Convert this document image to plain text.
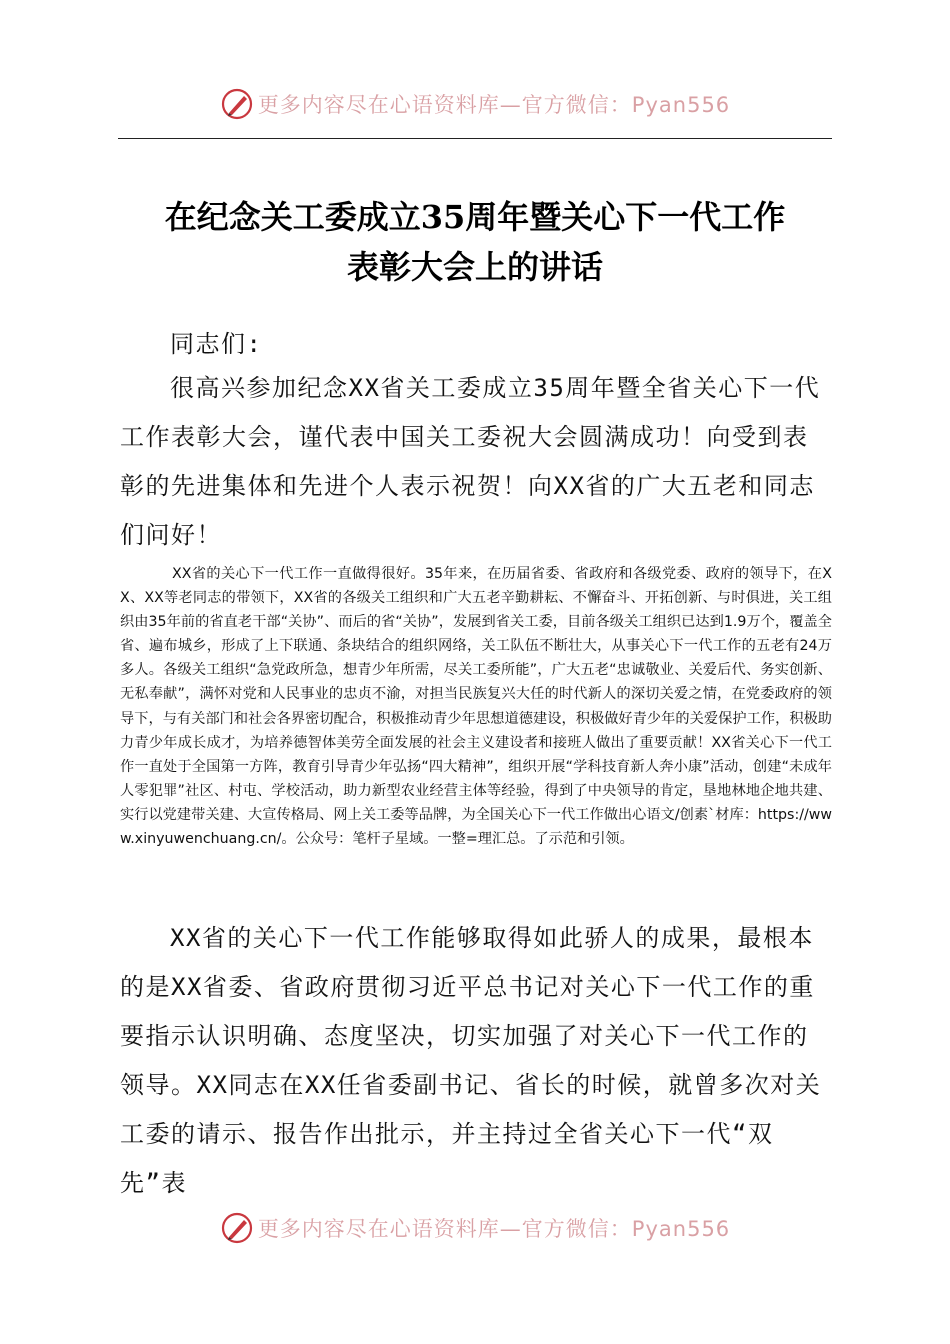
更多内容尽在心语资料库—官方微信：Pyan556
在纪念关工委成立35周年暨关心下一代工作
表彰大会上的讲话
同志们:
很高兴参加纪念XX省关工委成立35周年暨全省关心下一代工作表彰大会，谨代表中国关工委祝大会圆满成功！向受到表彰的先进集体和先进个人表示祝贺！向XX省的广大五老和同志们问好！
XX省的关心下一代工作一直做得很好。35年来，在历届省委、省政府和各级党委、政府的领导下，在XX、XX等老同志的带领下，XX省的各级关工组织和广大五老辛勤耕耘、不懈奋斗、开拓创新、与时俱进，关工组织由35年前的省直老干部“关协”、而后的省“关协”，发展到省关工委，目前各级关工组织已达到1.9万个，覆盖全省、遍布城乡，形成了上下联通、条块结合的组织网络，关工队伍不断壮大，从事关心下一代工作的五老有24万多人。各级关工组织“急党政所急，想青少年所需，尽关工委所能”，广大五老“忠诚敬业、关爱后代、务实创新、无私奉献”，满怀对党和人民事业的忠贞不渝，对担当民族复兴大任的时代新人的深切关爱之情，在党委政府的领导下，与有关部门和社会各界密切配合，积极推动青少年思想道德建设，积极做好青少年的关爱保护工作，积极助力青少年成长成才，为培养德智体美劳全面发展的社会主义建设者和接班人做出了重要贡献！XX省关心下一代工作一直处于全国第一方阵，教育引导青少年弘扬“四大精神”，组织开展“学科技育新人奔小康”活动，创建“未成年人零犯罪”社区、村屯、学校活动，助力新型农业经营主体等经验，得到了中央领导的肯定，垦地林地企地共建、实行以党建带关建、大宣传格局、网上关工委等品牌，为全国关心下一代工作做出心语文/创素`材库：https://www.xinyuwenchuang.cn/。公众号：笔杆子星域。一整=理汇总。了示范和引领。
XX省的关心下一代工作能够取得如此骄人的成果，最根本的是XX省委、省政府贯彻习近平总书记对关心下一代工作的重要指示认识明确、态度坚决，切实加强了对关心下一代工作的领导。XX同志在XX任省委副书记、省长的时候，就曾多次对关工委的请示、报告作出批示，并主持过全省关心下一代“双先”表
更多内容尽在心语资料库—官方微信：Pyan556
